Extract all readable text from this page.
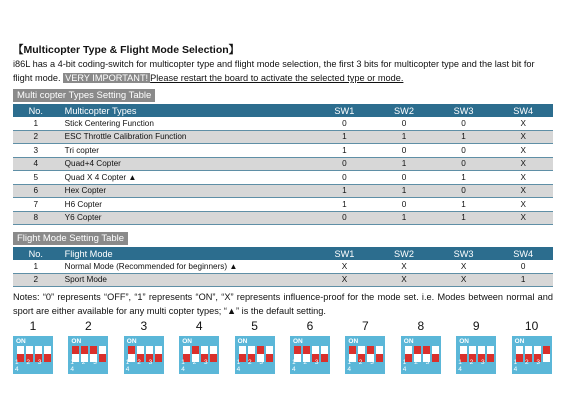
【Multicopter Type & Flight Mode Selection】
i86L has a 4-bit coding-switch for multicopter type and flight mode selection, the first 3 bits for multicopter type and the last bit for flight mode. VERY IMPORTANT! Please restart the board to activate the selected type or mode.
Multi copter Types Setting Table
No.	Multicopter Types	SW1	SW2	SW3	SW4
1	Stick Centering Function	0	0	0	X
2	ESC Throttle Calibration Function	1	1	1	X
3	Tri copter	1	0	0	X
4	Quad+4 Copter	0	1	0	X
5	Quad X 4 Copter ▲	0	0	1	X
6	Hex Copter	1	1	0	X
7	H6 Copter	1	0	1	X
8	Y6 Copter	0	1	1	X
Flight Mode Setting Table
No.	Flight Mode	SW1	SW2	SW3	SW4
1	Normal Mode (Recommended for beginners) ▲	X	X	X	0
2	Sport Mode	X	X	X	1
Notes: “0” represents “OFF”, “1” represents “ON”, “X” represents influence-proof for the mode set. i.e. Modes between normal and sport are either available for any multi copter types; “▲” is the default setting.
1
ON
1 2 3 4
2
ON
1 2 3 4
3
ON
1 2 3 4
4
ON
1 2 3 4
5
ON
1 2 3 4
6
ON
1 2 3 4
7
ON
1 2 3 4
8
ON
1 2 3 4
9
ON
1 2 3 4
10
ON
1 2 3 4
